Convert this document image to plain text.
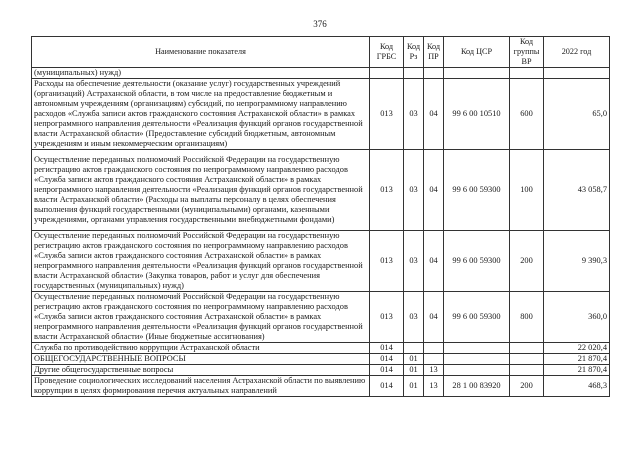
376
Наименование показателя	Код ГРБС	Код Рз	Код ПР	Код ЦСР	Код группы ВР	2022 год
(муниципальных) нужд)						
Расходы на обеспечение деятельности (оказание услуг) государственных учреждений (организаций) Астраханской области, в том числе на предоставление бюджетным и автономным учреждениям (организациям) субсидий, по непрограммному направлению расходов «Служба записи актов гражданского состояния Астраханской области» в рамках непрограммного направления деятельности «Реализация функций органов государственной власти Астраханской области» (Предоставление субсидий бюджетным, автономным учреждениям и иным некоммерческим организациям)	013	03	04	99 6 00 10510	600	65,0
Осуществление переданных полномочий Российской Федерации на государственную регистрацию актов гражданского состояния по непрограммному направлению расходов «Служба записи актов гражданского состояния Астраханской области» в рамках непрограммного направления деятельности «Реализация функций органов государственной власти Астраханской области» (Расходы на выплаты персоналу в целях обеспечения выполнения функций государственными (муниципальными) органами, казенными учреждениями, органами управления государственными внебюджетными фондами)	013	03	04	99 6 00 59300	100	43 058,7
Осуществление переданных полномочий Российской Федерации на государственную регистрацию актов гражданского состояния по непрограммному направлению расходов «Служба записи актов гражданского состояния Астраханской области» в рамках непрограммного направления деятельности «Реализация функций органов государственной власти Астраханской области» (Закупка товаров, работ и услуг для обеспечения государственных (муниципальных) нужд)	013	03	04	99 6 00 59300	200	9 390,3
Осуществление переданных полномочий Российской Федерации на государственную регистрацию актов гражданского состояния по непрограммному направлению расходов «Служба записи актов гражданского состояния Астраханской области» в рамках непрограммного направления деятельности «Реализация функций органов государственной власти Астраханской области» (Иные бюджетные ассигнования)	013	03	04	99 6 00 59300	800	360,0
Служба по противодействию коррупции Астраханской области	014					22 020,4
ОБЩЕГОСУДАРСТВЕННЫЕ ВОПРОСЫ	014	01				21 870,4
Другие общегосударственные вопросы	014	01	13			21 870,4
Проведение социологических исследований населения Астраханской области по выявлению коррупции в целях формирования перечня актуальных направлений	014	01	13	28 1 00 83920	200	468,3
